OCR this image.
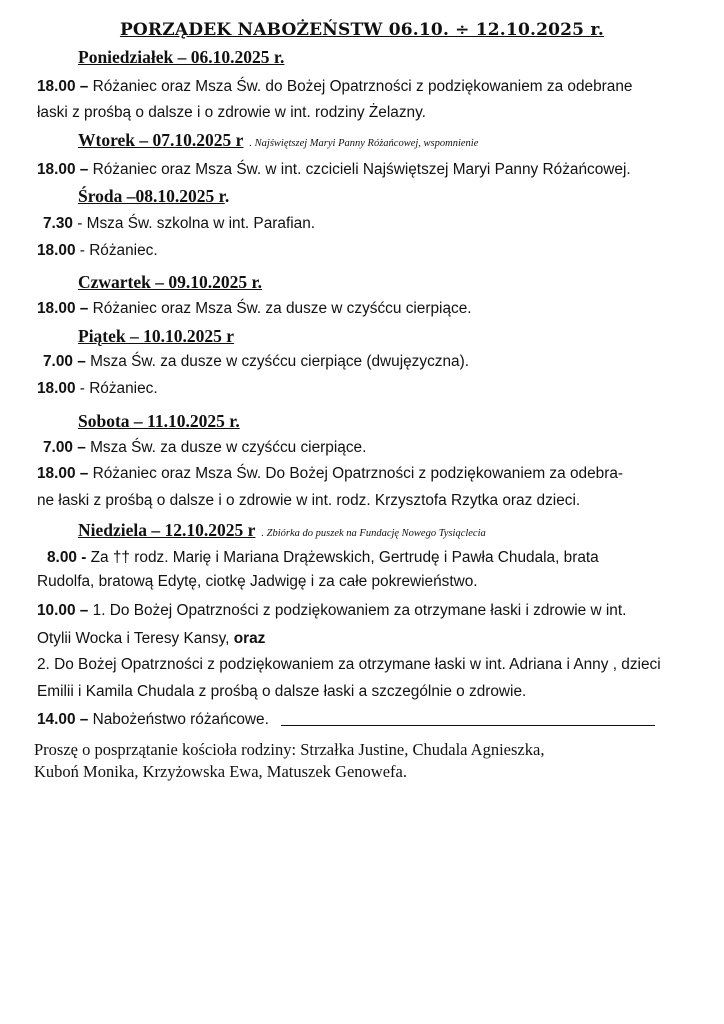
PORZĄDEK NABOŻEŃSTW 06.10. ÷ 12.10.2025 r.
Poniedziałek – 06.10.2025 r.
18.00 – Różaniec oraz Msza Św. do Bożej Opatrzności z podziękowaniem za odebrane
łaski z prośbą o dalsze i o zdrowie w int. rodziny Żelazny.
Wtorek – 07.10.2025 r . Najświętszej Maryi Panny Różańcowej, wspomnienie
18.00 – Różaniec oraz Msza Św. w int. czcicieli Najświętszej Maryi Panny Różańcowej.
Środa –08.10.2025 r.
7.30 - Msza Św. szkolna w int. Parafian.
18.00 - Różaniec.
Czwartek – 09.10.2025 r.
18.00 – Różaniec oraz Msza Św. za dusze w czyśćcu cierpiące.
Piątek – 10.10.2025 r
7.00 – Msza Św. za dusze w czyśćcu cierpiące (dwujęzyczna).
18.00 - Różaniec.
Sobota – 11.10.2025 r.
7.00 – Msza Św. za dusze w czyśćcu cierpiące.
18.00 – Różaniec oraz Msza Św. Do Bożej Opatrzności z podziękowaniem za odebra-
ne łaski z prośbą o dalsze i o zdrowie w int. rodz. Krzysztofa Rzytka oraz dzieci.
Niedziela – 12.10.2025 r . Zbiórka do puszek na Fundację Nowego Tysiąclecia
8.00 - Za †† rodz. Marię i Mariana Drążewskich, Gertrudę i Pawła Chudala, brata
Rudolfa, bratową Edytę, ciotkę Jadwigę i za całe pokrewieństwo.
10.00 – 1. Do Bożej Opatrzności z podziękowaniem za otrzymane łaski i zdrowie w int.
Otylii Wocka i Teresy Kansy, oraz
2. Do Bożej Opatrzności z podziękowaniem za otrzymane łaski w int. Adriana i Anny , dzieci
Emilii i Kamila Chudala z prośbą o dalsze łaski a szczególnie o zdrowie.
14.00 – Nabożeństwo różańcowe.
Proszę o posprzątanie kościoła rodziny: Strzałka Justine, Chudala Agnieszka,
Kuboń Monika, Krzyżowska Ewa, Matuszek Genowefa.
